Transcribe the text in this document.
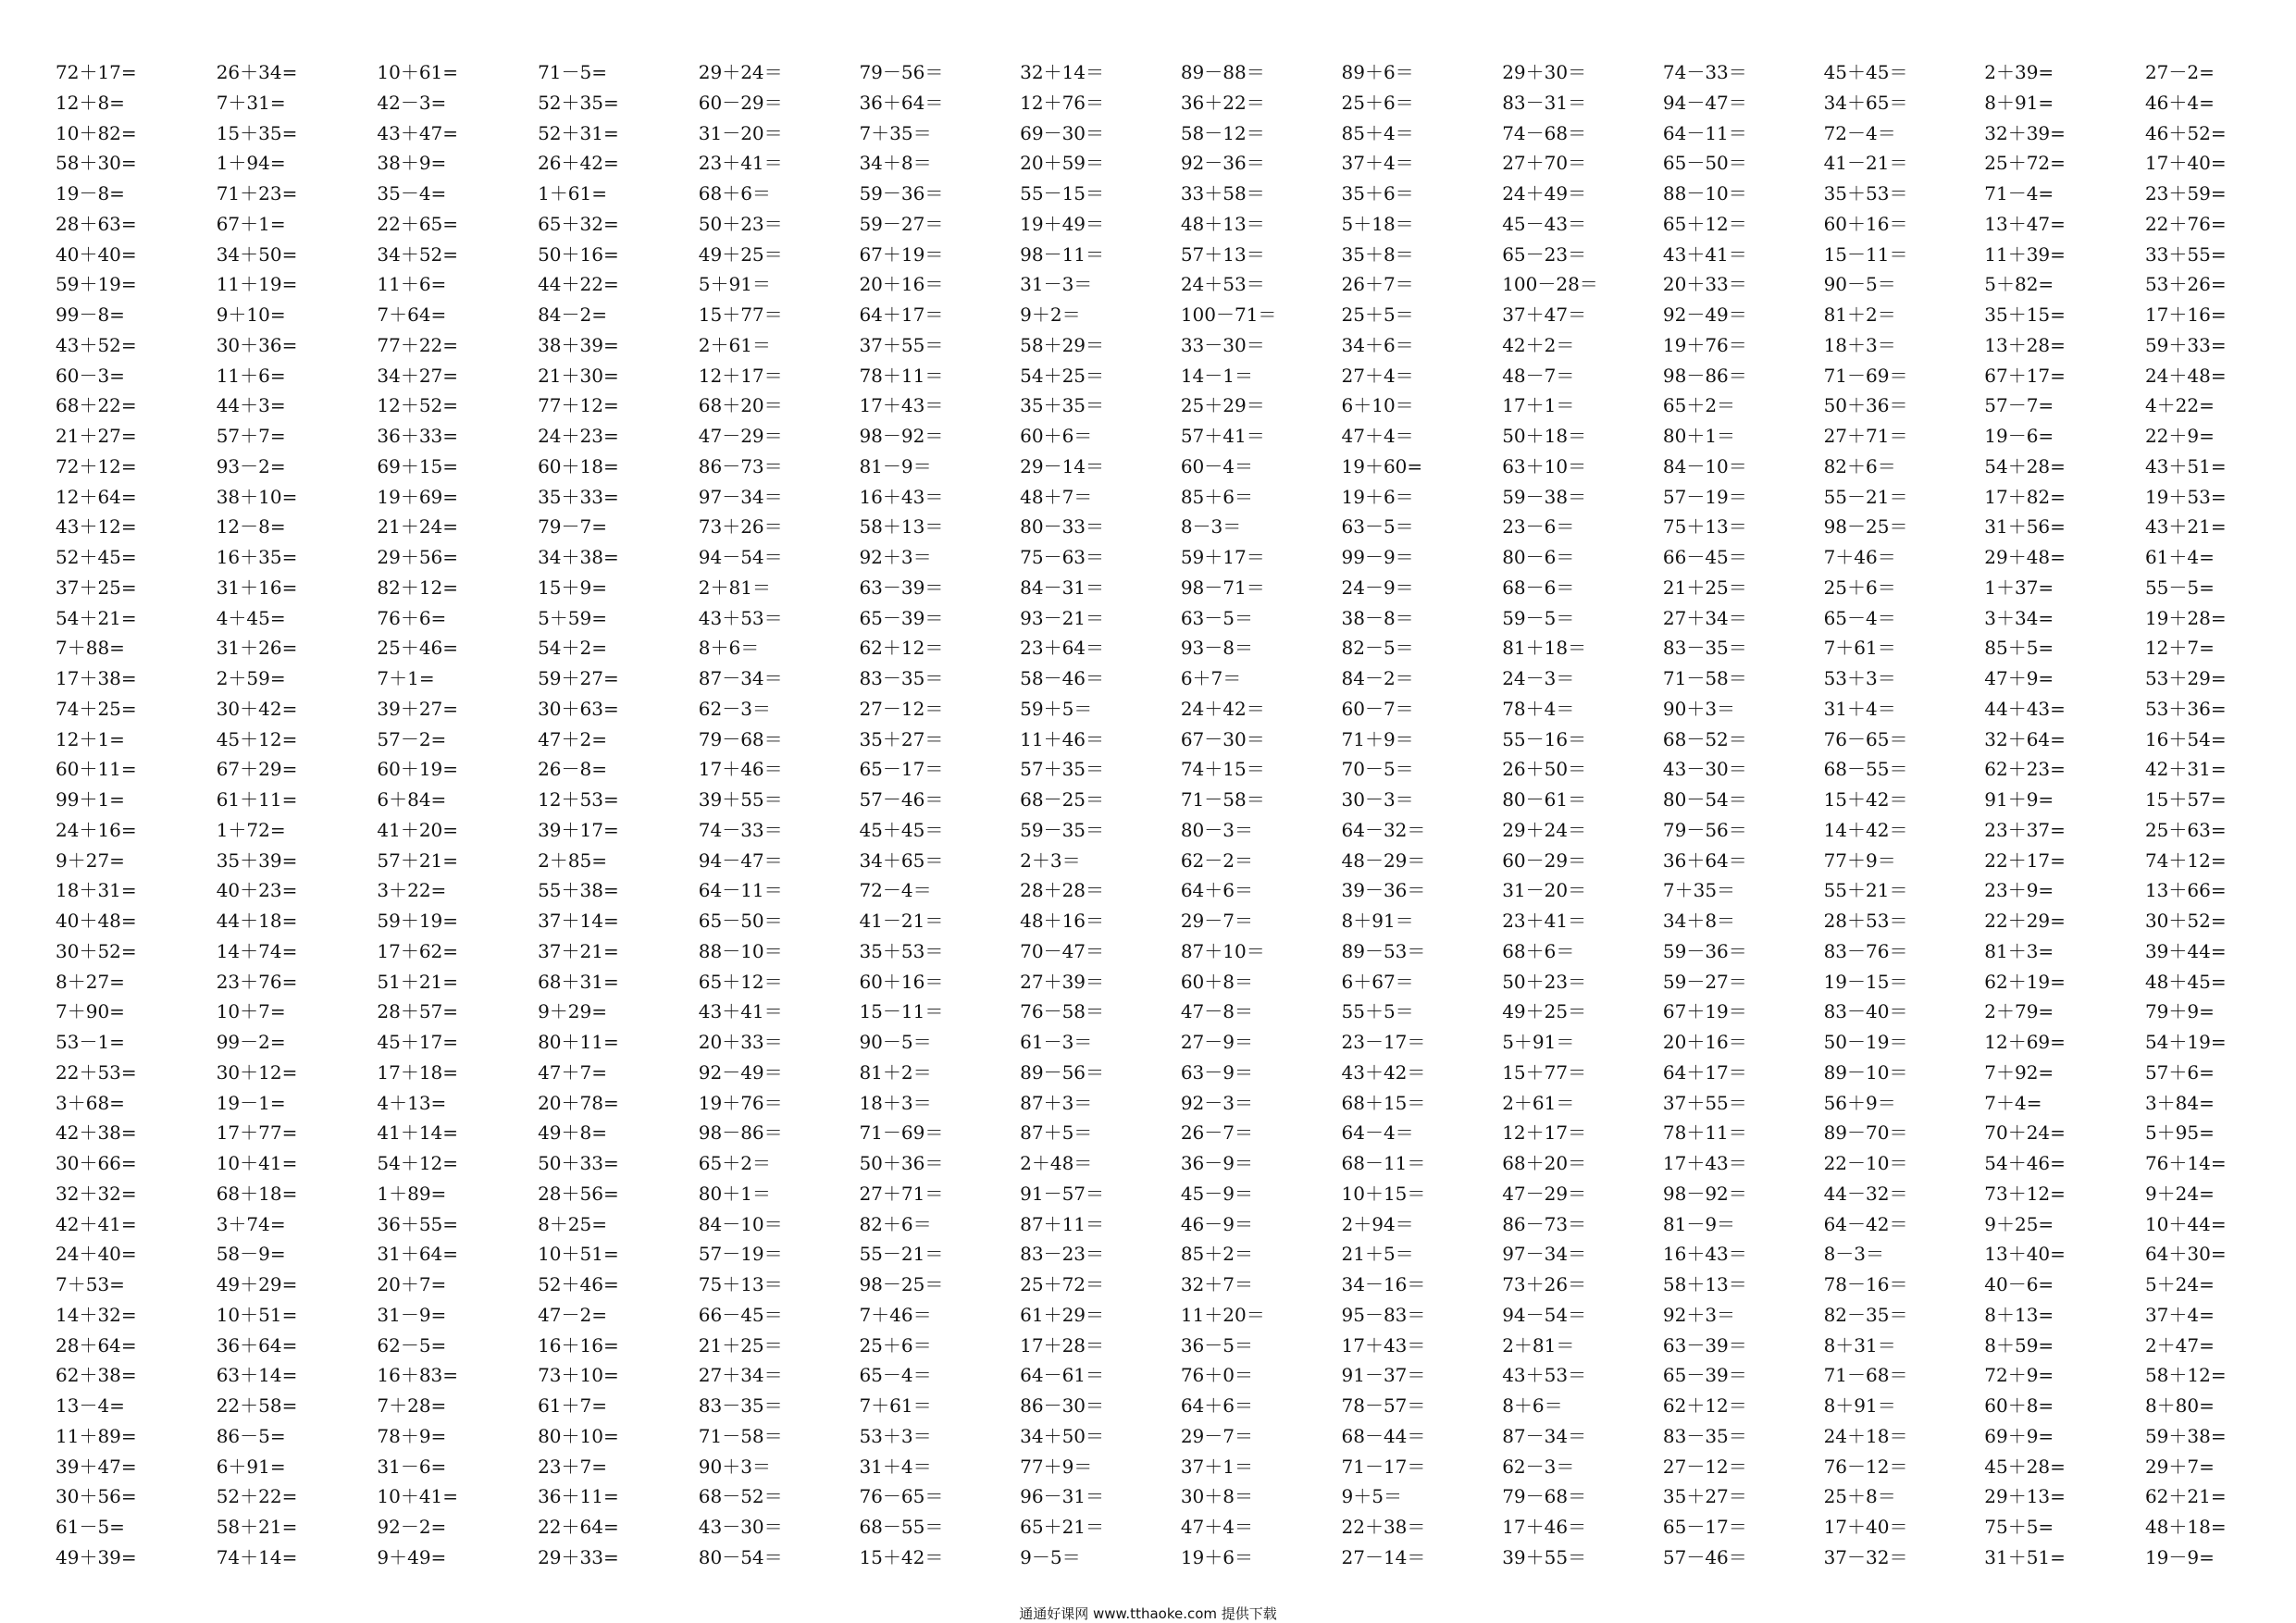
72＋17=	26＋34=	10＋61=	71－5=	29＋24＝	79－56＝	32＋14＝	89－88＝	89＋6＝	29＋30＝	74－33＝	45＋45＝	2＋39=	27－2=
12＋8=	7＋31=	42－3=	52＋35=	60－29＝	36＋64＝	12＋76＝	36＋22＝	25＋6＝	83－31＝	94－47＝	34＋65＝	8＋91=	46＋4=
10＋82=	15＋35=	43＋47=	52＋31=	31－20＝	7＋35＝	69－30＝	58－12＝	85＋4＝	74－68＝	64－11＝	72－4＝	32＋39=	46＋52=
58＋30=	1＋94=	38＋9=	26＋42=	23＋41＝	34＋8＝	20＋59＝	92－36＝	37＋4＝	27＋70＝	65－50＝	41－21＝	25＋72=	17＋40=
19－8=	71＋23=	35－4=	1＋61=	68＋6＝	59－36＝	55－15＝	33＋58＝	35＋6＝	24＋49＝	88－10＝	35＋53＝	71－4=	23＋59=
28＋63=	67＋1=	22＋65=	65＋32=	50＋23＝	59－27＝	19＋49＝	48＋13＝	5＋18＝	45－43＝	65＋12＝	60＋16＝	13＋47=	22＋76=
40＋40=	34＋50=	34＋52=	50＋16=	49＋25＝	67＋19＝	98－11＝	57＋13＝	35＋8＝	65－23＝	43＋41＝	15－11＝	11＋39=	33＋55=
59＋19=	11＋19=	11＋6=	44＋22=	5＋91＝	20＋16＝	31－3＝	24＋53＝	26＋7＝	100－28＝	20＋33＝	90－5＝	5＋82=	53＋26=
99－8=	9＋10=	7＋64=	84－2=	15＋77＝	64＋17＝	9＋2＝	100－71＝	25＋5＝	37＋47＝	92－49＝	81＋2＝	35＋15=	17＋16=
43＋52=	30＋36=	77＋22=	38＋39=	2＋61＝	37＋55＝	58＋29＝	33－30＝	34＋6＝	42＋2＝	19＋76＝	18＋3＝	13＋28=	59＋33=
60－3=	11＋6=	34＋27=	21＋30=	12＋17＝	78＋11＝	54＋25＝	14－1＝	27＋4＝	48－7＝	98－86＝	71－69＝	67＋17=	24＋48=
68＋22=	44＋3=	12＋52=	77＋12=	68＋20＝	17＋43＝	35＋35＝	25＋29＝	6＋10＝	17＋1＝	65＋2＝	50＋36＝	57－7=	4＋22=
21＋27=	57＋7=	36＋33=	24＋23=	47－29＝	98－92＝	60＋6＝	57＋41＝	47＋4＝	50＋18＝	80＋1＝	27＋71＝	19－6=	22＋9=
72＋12=	93－2=	69＋15=	60＋18=	86－73＝	81－9＝	29－14＝	60－4＝	19＋60=	63＋10＝	84－10＝	82＋6＝	54＋28=	43＋51=
12＋64=	38＋10=	19＋69=	35＋33=	97－34＝	16＋43＝	48＋7＝	85＋6＝	19＋6＝	59－38＝	57－19＝	55－21＝	17＋82=	19＋53=
43＋12=	12－8=	21＋24=	79－7=	73＋26＝	58＋13＝	80－33＝	8－3＝	63－5＝	23－6＝	75＋13＝	98－25＝	31＋56=	43＋21=
52＋45=	16＋35=	29＋56=	34＋38=	94－54＝	92＋3＝	75－63＝	59＋17＝	99－9＝	80－6＝	66－45＝	7＋46＝	29＋48=	61＋4=
37＋25=	31＋16=	82＋12=	15＋9=	2＋81＝	63－39＝	84－31＝	98－71＝	24－9＝	68－6＝	21＋25＝	25＋6＝	1＋37=	55－5=
54＋21=	4＋45=	76＋6=	5＋59=	43＋53＝	65－39＝	93－21＝	63－5＝	38－8＝	59－5＝	27＋34＝	65－4＝	3＋34=	19＋28=
7＋88=	31＋26=	25＋46=	54＋2=	8＋6＝	62＋12＝	23＋64＝	93－8＝	82－5＝	81＋18＝	83－35＝	7＋61＝	85＋5=	12＋7=
17＋38=	2＋59=	7＋1=	59＋27=	87－34＝	83－35＝	58－46＝	6＋7＝	84－2＝	24－3＝	71－58＝	53＋3＝	47＋9=	53＋29=
74＋25=	30＋42=	39＋27=	30＋63=	62－3＝	27－12＝	59＋5＝	24＋42＝	60－7＝	78＋4＝	90＋3＝	31＋4＝	44＋43=	53＋36=
12＋1=	45＋12=	57－2=	47＋2=	79－68＝	35＋27＝	11＋46＝	67－30＝	71＋9＝	55－16＝	68－52＝	76－65＝	32＋64=	16＋54=
60＋11=	67＋29=	60＋19=	26－8=	17＋46＝	65－17＝	57＋35＝	74＋15＝	70－5＝	26＋50＝	43－30＝	68－55＝	62＋23=	42＋31=
99＋1=	61＋11=	6＋84=	12＋53=	39＋55＝	57－46＝	68－25＝	71－58＝	30－3＝	80－61＝	80－54＝	15＋42＝	91＋9=	15＋57=
24＋16=	1＋72=	41＋20=	39＋17=	74－33＝	45＋45＝	59－35＝	80－3＝	64－32＝	29＋24＝	79－56＝	14＋42＝	23＋37=	25＋63=
9＋27=	35＋39=	57＋21=	2＋85=	94－47＝	34＋65＝	2＋3＝	62－2＝	48－29＝	60－29＝	36＋64＝	77＋9＝	22＋17=	74＋12=
18＋31=	40＋23=	3＋22=	55＋38=	64－11＝	72－4＝	28＋28＝	64＋6＝	39－36＝	31－20＝	7＋35＝	55＋21＝	23＋9=	13＋66=
40＋48=	44＋18=	59＋19=	37＋14=	65－50＝	41－21＝	48＋16＝	29－7＝	8＋91＝	23＋41＝	34＋8＝	28＋53＝	22＋29=	30＋52=
30＋52=	14＋74=	17＋62=	37＋21=	88－10＝	35＋53＝	70－47＝	87＋10＝	89－53＝	68＋6＝	59－36＝	83－76＝	81＋3=	39＋44=
8＋27=	23＋76=	51＋21=	68＋31=	65＋12＝	60＋16＝	27＋39＝	60＋8＝	6＋67＝	50＋23＝	59－27＝	19－15＝	62＋19=	48＋45=
7＋90=	10＋7=	28＋57=	9＋29=	43＋41＝	15－11＝	76－58＝	47－8＝	55＋5＝	49＋25＝	67＋19＝	83－40＝	2＋79=	79＋9=
53－1=	99－2=	45＋17=	80＋11=	20＋33＝	90－5＝	61－3＝	27－9＝	23－17＝	5＋91＝	20＋16＝	50－19＝	12＋69=	54＋19=
22＋53=	30＋12=	17＋18=	47＋7=	92－49＝	81＋2＝	89－56＝	63－9＝	43＋42＝	15＋77＝	64＋17＝	89－10＝	7＋92=	57＋6=
3＋68=	19－1=	4＋13=	20＋78=	19＋76＝	18＋3＝	87＋3＝	92－3＝	68＋15＝	2＋61＝	37＋55＝	56＋9＝	7＋4=	3＋84=
42＋38=	17＋77=	41＋14=	49＋8=	98－86＝	71－69＝	87＋5＝	26－7＝	64－4＝	12＋17＝	78＋11＝	89－70＝	70＋24=	5＋95=
30＋66=	10＋41=	54＋12=	50＋33=	65＋2＝	50＋36＝	2＋48＝	36－9＝	68－11＝	68＋20＝	17＋43＝	22－10＝	54＋46=	76＋14=
32＋32=	68＋18=	1＋89=	28＋56=	80＋1＝	27＋71＝	91－57＝	45－9＝	10＋15＝	47－29＝	98－92＝	44－32＝	73＋12=	9＋24=
42＋41=	3＋74=	36＋55=	8＋25=	84－10＝	82＋6＝	87＋11＝	46－9＝	2＋94＝	86－73＝	81－9＝	64－42＝	9＋25=	10＋44=
24＋40=	58－9=	31＋64=	10＋51=	57－19＝	55－21＝	83－23＝	85＋2＝	21＋5＝	97－34＝	16＋43＝	8－3＝	13＋40=	64＋30=
7＋53=	49＋29=	20＋7=	52＋46=	75＋13＝	98－25＝	25＋72＝	32＋7＝	34－16＝	73＋26＝	58＋13＝	78－16＝	40－6=	5＋24=
14＋32=	10＋51=	31－9=	47－2=	66－45＝	7＋46＝	61＋29＝	11＋20＝	95－83＝	94－54＝	92＋3＝	82－35＝	8＋13=	37＋4=
28＋64=	36＋64=	62－5=	16＋16=	21＋25＝	25＋6＝	17＋28＝	36－5＝	17＋43＝	2＋81＝	63－39＝	8＋31＝	8＋59=	2＋47=
62＋38=	63＋14=	16＋83=	73＋10=	27＋34＝	65－4＝	64－61＝	76＋0＝	91－37＝	43＋53＝	65－39＝	71－68＝	72＋9=	58＋12=
13－4=	22＋58=	7＋28=	61＋7=	83－35＝	7＋61＝	86－30＝	64＋6＝	78－57＝	8＋6＝	62＋12＝	8＋91＝	60＋8=	8＋80=
11＋89=	86－5=	78＋9=	80＋10=	71－58＝	53＋3＝	34＋50＝	29－7＝	68－44＝	87－34＝	83－35＝	24＋18＝	69＋9=	59＋38=
39＋47=	6＋91=	31－6=	23＋7=	90＋3＝	31＋4＝	77＋9＝	37＋1＝	71－17＝	62－3＝	27－12＝	76－12＝	45＋28=	29＋7=
30＋56=	52＋22=	10＋41=	36＋11=	68－52＝	76－65＝	96－31＝	30＋8＝	9＋5＝	79－68＝	35＋27＝	25＋8＝	29＋13=	62＋21=
61－5=	58＋21=	92－2=	22＋64=	43－30＝	68－55＝	65＋21＝	47＋4＝	22＋38＝	17＋46＝	65－17＝	17＋40＝	75＋5=	48＋18=
49＋39=	74＋14=	9＋49=	29＋33=	80－54＝	15＋42＝	9－5＝	19＋6＝	27－14＝	39＋55＝	57－46＝	37－32＝	31＋51=	19－9=
通通好课网 www.tthaoke.com 提供下载
